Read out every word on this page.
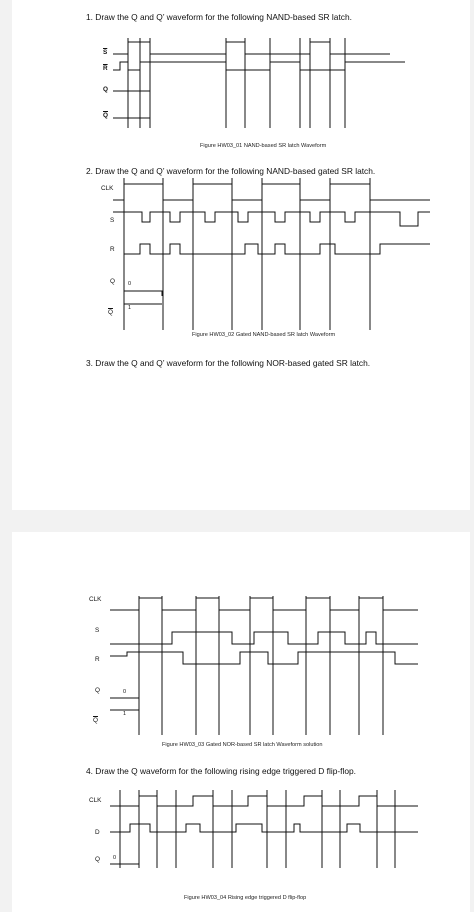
1. Draw the Q and Q’ waveform for the following NAND-based SR latch.
$\overline{S}$
$\overline{R}$
Q
$\overline{Q}$
Figure HW03_01 NAND-based SR latch Waveform
2. Draw the Q and Q’ waveform for the following NAND-based gated SR latch.
CLK
S
R
Q
$\overline{Q}$
0
1
Figure HW03_02 Gated NAND-based SR latch Waveform
3. Draw the Q and Q’ waveform for the following NOR-based gated SR latch.
CLK
S
R
Q
$\overline{Q}$
0
1
Figure HW03_03 Gated NOR-based SR latch Waveform solution
4. Draw the Q waveform for the following rising edge triggered D flip-flop.
CLK
D
Q 0
Figure HW03_04 Rising edge triggered D flip-flop
